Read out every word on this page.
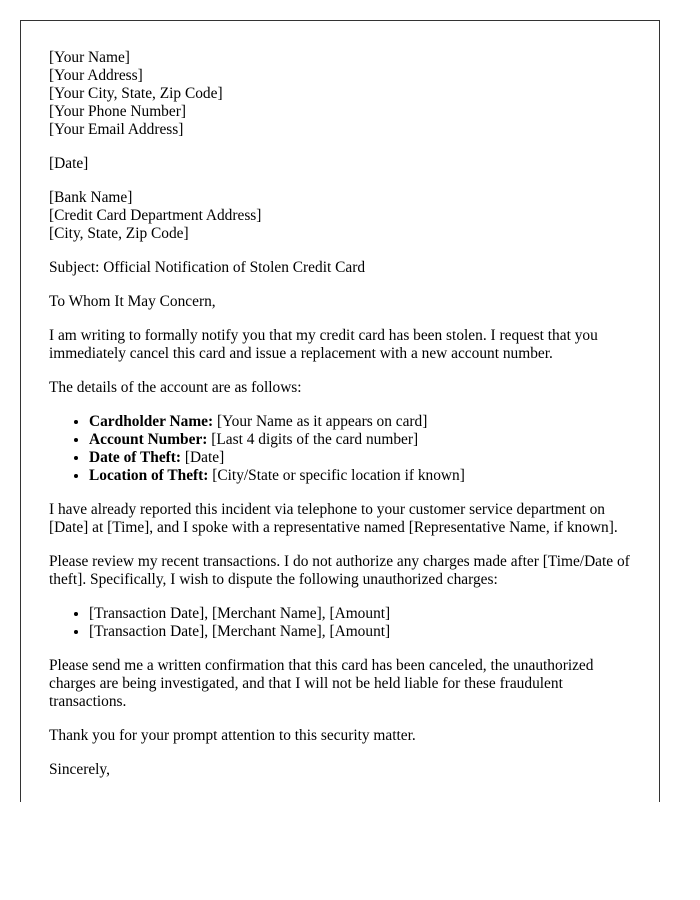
[Your Name]
[Your Address]
[Your City, State, Zip Code]
[Your Phone Number]
[Your Email Address]

[Date]

[Bank Name]
[Credit Card Department Address]
[City, State, Zip Code]

Subject: Official Notification of Stolen Credit Card

To Whom It May Concern,

I am writing to formally notify you that my credit card has been stolen. I request that you immediately cancel this card and issue a replacement with a new account number.

The details of the account are as follows:

• Cardholder Name: [Your Name as it appears on card]
• Account Number: [Last 4 digits of the card number]
• Date of Theft: [Date]
• Location of Theft: [City/State or specific location if known]

I have already reported this incident via telephone to your customer service department on [Date] at [Time], and I spoke with a representative named [Representative Name, if known].

Please review my recent transactions. I do not authorize any charges made after [Time/Date of theft]. Specifically, I wish to dispute the following unauthorized charges:

• [Transaction Date], [Merchant Name], [Amount]
• [Transaction Date], [Merchant Name], [Amount]

Please send me a written confirmation that this card has been canceled, the unauthorized charges are being investigated, and that I will not be held liable for these fraudulent transactions.

Thank you for your prompt attention to this security matter.

Sincerely,
